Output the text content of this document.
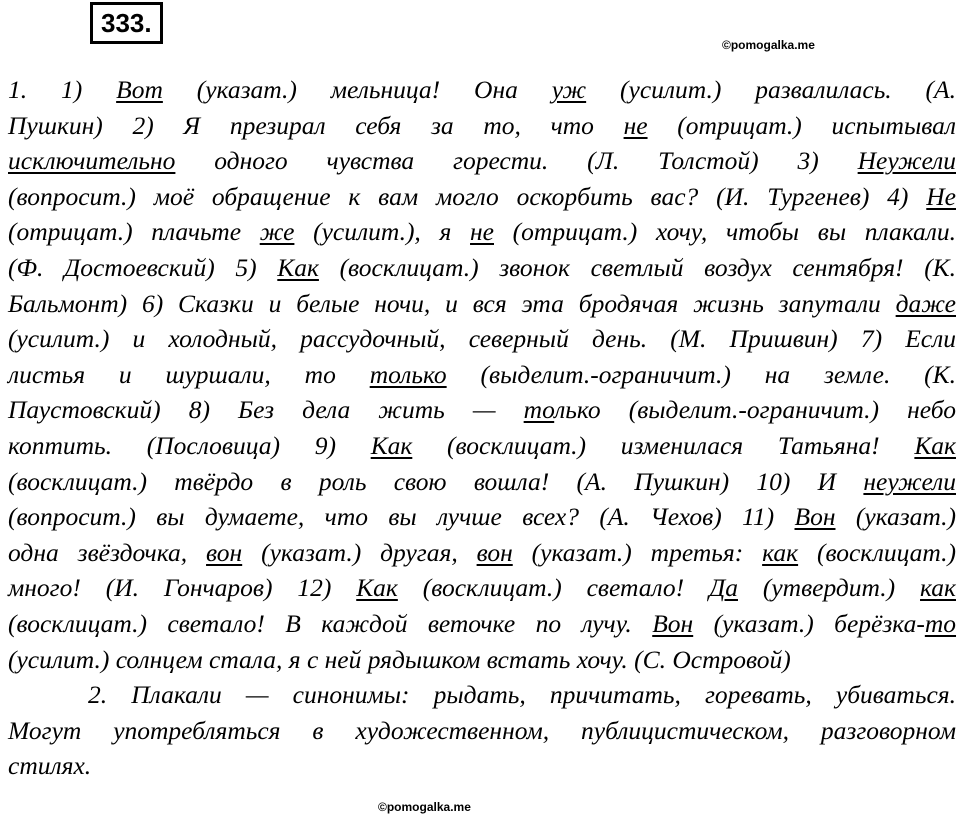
333.
©pomogalka.me
1. 1) Вот (указат.) мельница! Она уж (усилит.) развалилась. (А.
Пушкин) 2) Я презирал себя за то, что не (отрицат.) испытывал
исключительно одного чувства горести. (Л. Толстой) 3) Неужели
(вопросит.) моё обращение к вам могло оскорбить вас? (И. Тургенев) 4) Не
(отрицат.) плачьте же (усилит.), я не (отрицат.) хочу, чтобы вы плакали.
(Ф. Достоевский) 5) Как (восклицат.) звонок светлый воздух сентября! (К.
Бальмонт) 6) Сказки и белые ночи, и вся эта бродячая жизнь запутали даже
(усилит.) и холодный, рассудочный, северный день. (М. Пришвин) 7) Если
листья и шуршали, то только (выделит.-ограничит.) на земле. (К.
Паустовский) 8) Без дела жить — только (выделит.-ограничит.) небо
коптить. (Пословица) 9) Как (восклицат.) изменилася Татьяна! Как
(восклицат.) твёрдо в роль свою вошла! (А. Пушкин) 10) И неужели
(вопросит.) вы думаете, что вы лучше всех? (А. Чехов) 11) Вон (указат.)
одна звёздочка, вон (указат.) другая, вон (указат.) третья: как (восклицат.)
много! (И. Гончаров) 12) Как (восклицат.) светало! Да (утвердит.) как
(восклицат.) светало! В каждой веточке по лучу. Вон (указат.) берёзка-то
(усилит.) солнцем стала, я с ней рядышком встать хочу. (С. Островой)
2. Плакали — синонимы: рыдать, причитать, горевать, убиваться.
Могут употребляться в художественном, публицистическом, разговорном
стилях.
©pomogalka.me
